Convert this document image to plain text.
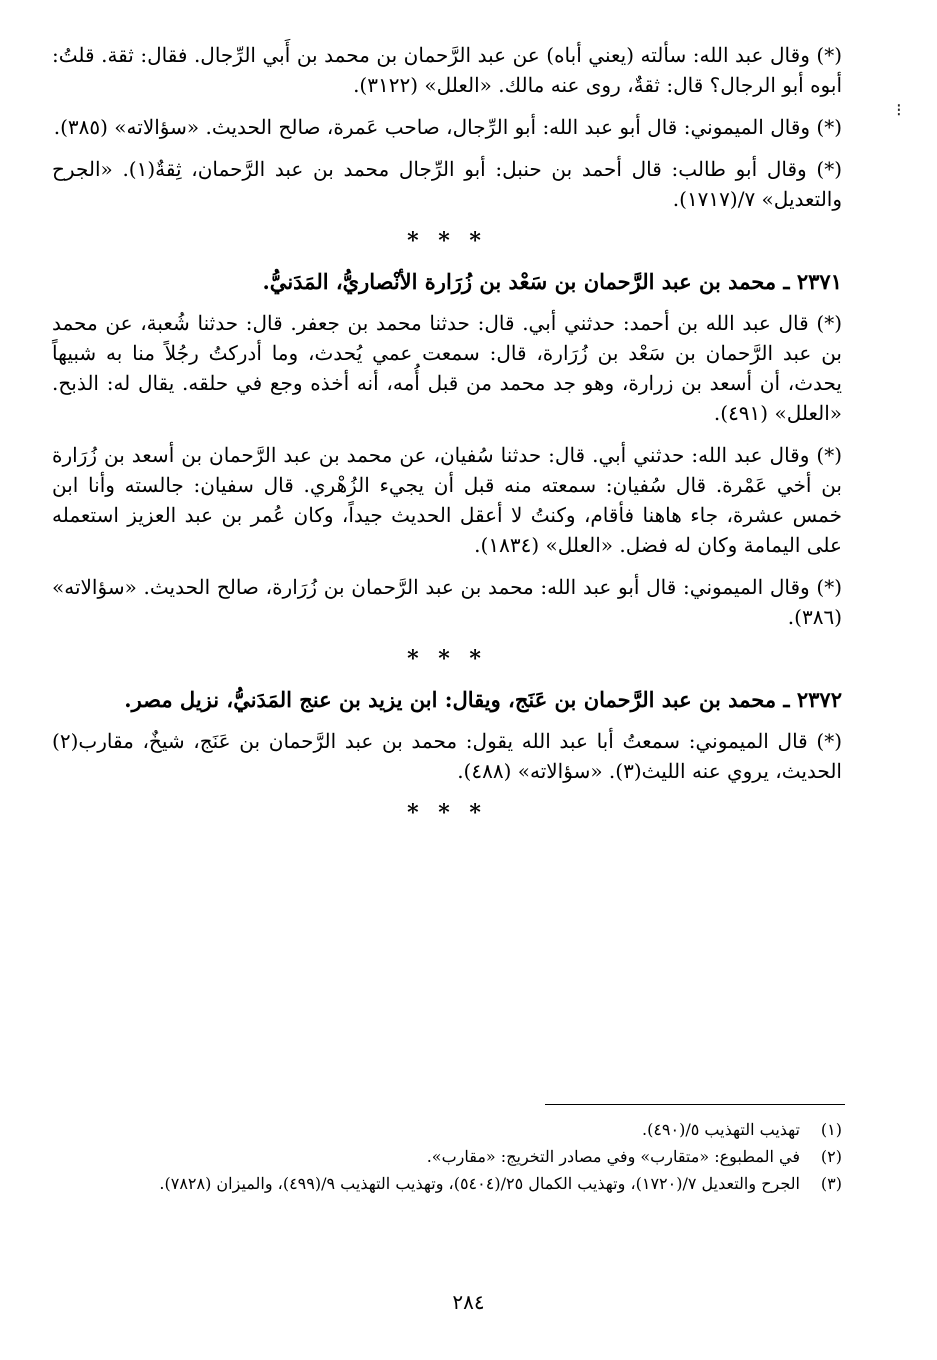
⁝

(*) وقال عبد الله: سألته (يعني أباه) عن عبد الرَّحمان بن محمد بن أَبي الرِّجال. فقال: ثقة. قلتُ: أبوه أبو الرجال؟ قال: ثقةٌ، روى عنه مالك. «العلل» (٣١٢٢).

(*) وقال الميموني: قال أبو عبد الله: أبو الرِّجال، صاحب عَمرة، صالح الحديث. «سؤالاته» (٣٨٥).

(*) وقال أبو طالب: قال أحمد بن حنبل: أبو الرِّجال محمد بن عبد الرَّحمان، ثِقةٌ(١). «الجرح والتعديل» ٧/(١٧١٧).

* * *
٢٣٧١ ـ محمد بن عبد الرَّحمان بن سَعْد بن زُرَارة الأنْصاريُّ، المَدَنيُّ.

(*) قال عبد الله بن أحمد: حدثني أبي. قال: حدثنا محمد بن جعفر. قال: حدثنا شُعبة، عن محمد بن عبد الرَّحمان بن سَعْد بن زُرَارة، قال: سمعت عمي يُحدث، وما أدركتُ رجُلاً منا به شبيهاً يحدث، أن أسعد بن زرارة، وهو جد محمد من قبل أُمه، أنه أخذه وجع في حلقه. يقال له: الذبح. «العلل» (٤٩١).

(*) وقال عبد الله: حدثني أبي. قال: حدثنا سُفيان، عن محمد بن عبد الرَّحمان بن أسعد بن زُرَارة بن أخي عَمْرة. قال سُفيان: سمعته منه قبل أن يجيء الزُهْري. قال سفيان: جالسته وأنا ابن خمس عشرة، جاء هاهنا فأقام، وكنتُ لا أعقل الحديث جيداً، وكان عُمر بن عبد العزيز استعمله على اليمامة وكان له فضل. «العلل» (١٨٣٤).

(*) وقال الميموني: قال أبو عبد الله: محمد بن عبد الرَّحمان بن زُرَارة، صالح الحديث. «سؤالاته» (٣٨٦).

* * *
٢٣٧٢ ـ محمد بن عبد الرَّحمان بن عَنَج، ويقال: ابن يزيد بن عنج المَدَنيُّ، نزيل مصر.

(*) قال الميموني: سمعتُ أبا عبد الله يقول: محمد بن عبد الرَّحمان بن عَنَج، شيخٌ، مقارب(٢) الحديث، يروي عنه الليث(٣). «سؤالاته» (٤٨٨).

* * *
(١)
تهذيب التهذيب ٥/(٤٩٠).
(٢)
في المطبوع: «متقارب» وفي مصادر التخريج: «مقارب».
(٣)
الجرح والتعديل ٧/(١٧٢٠)، وتهذيب الكمال ٢٥/(٥٤٠٤)، وتهذيب التهذيب ٩/(٤٩٩)، والميزان (٧٨٢٨).
٢٨٤
